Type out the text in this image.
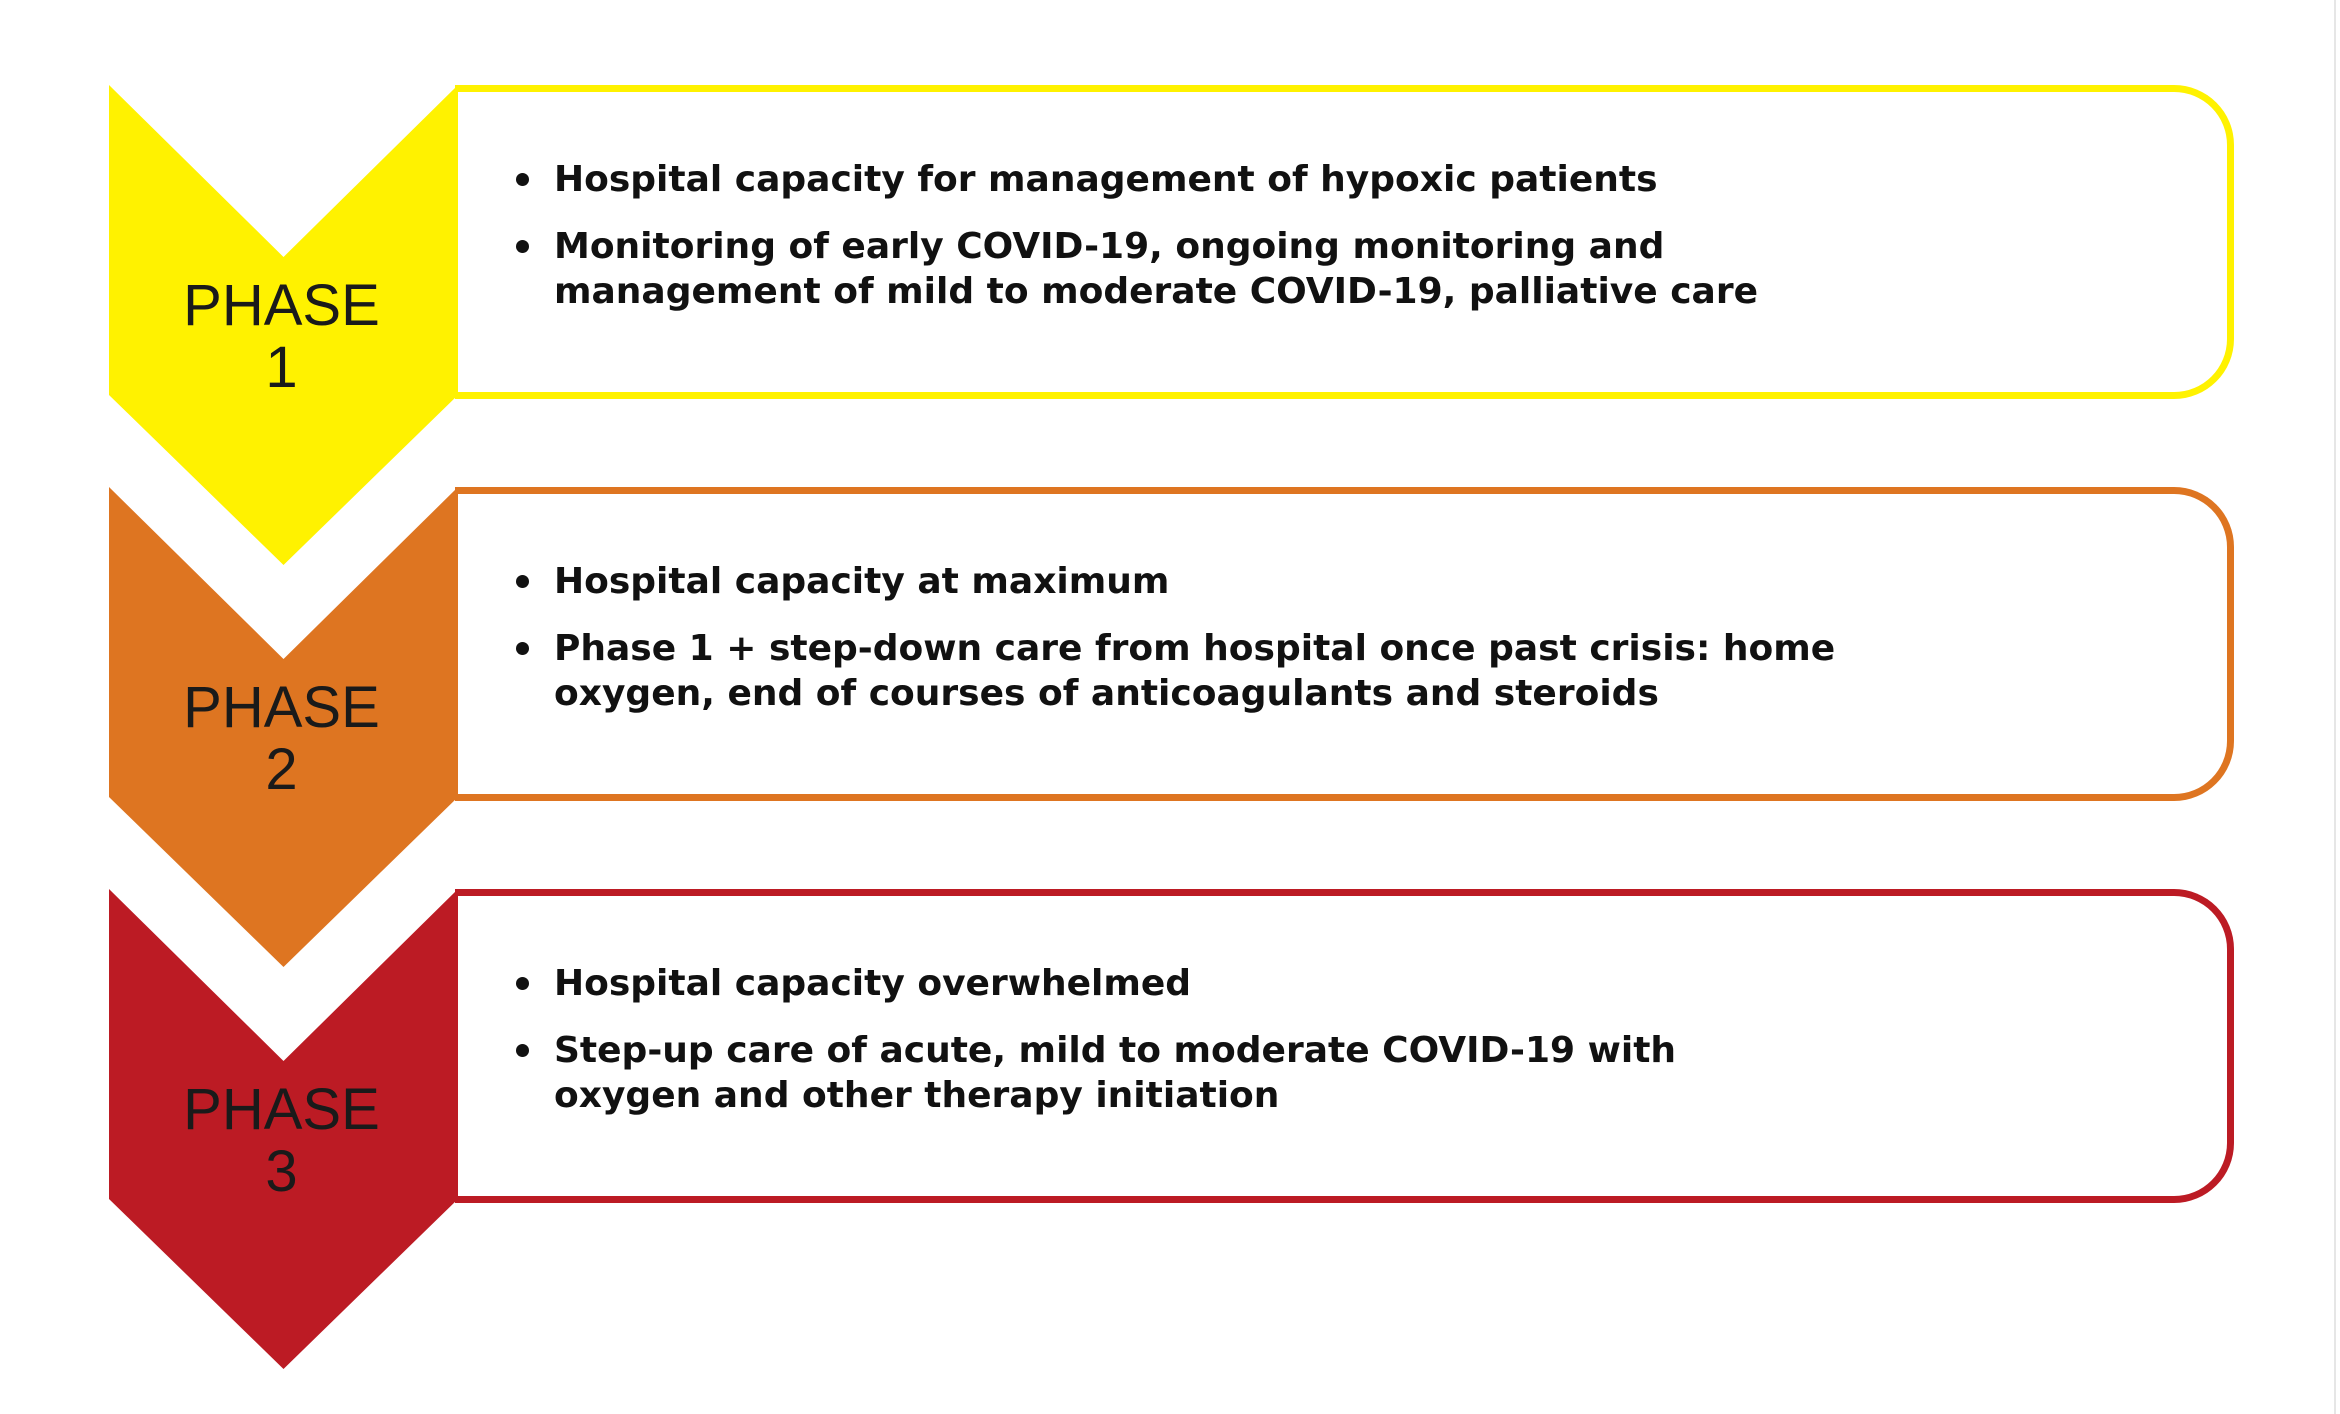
PHASE
1
Hospital capacity for management of hypoxic patients
Monitoring of early COVID-19, ongoing monitoring and management of mild to moderate COVID-19, palliative care
PHASE
2
Hospital capacity at maximum
Phase 1 + step-down care from hospital once past crisis: home oxygen, end of courses of anticoagulants and steroids
PHASE
3
Hospital capacity overwhelmed
Step-up care of acute, mild to moderate COVID-19 with oxygen and other therapy initiation
